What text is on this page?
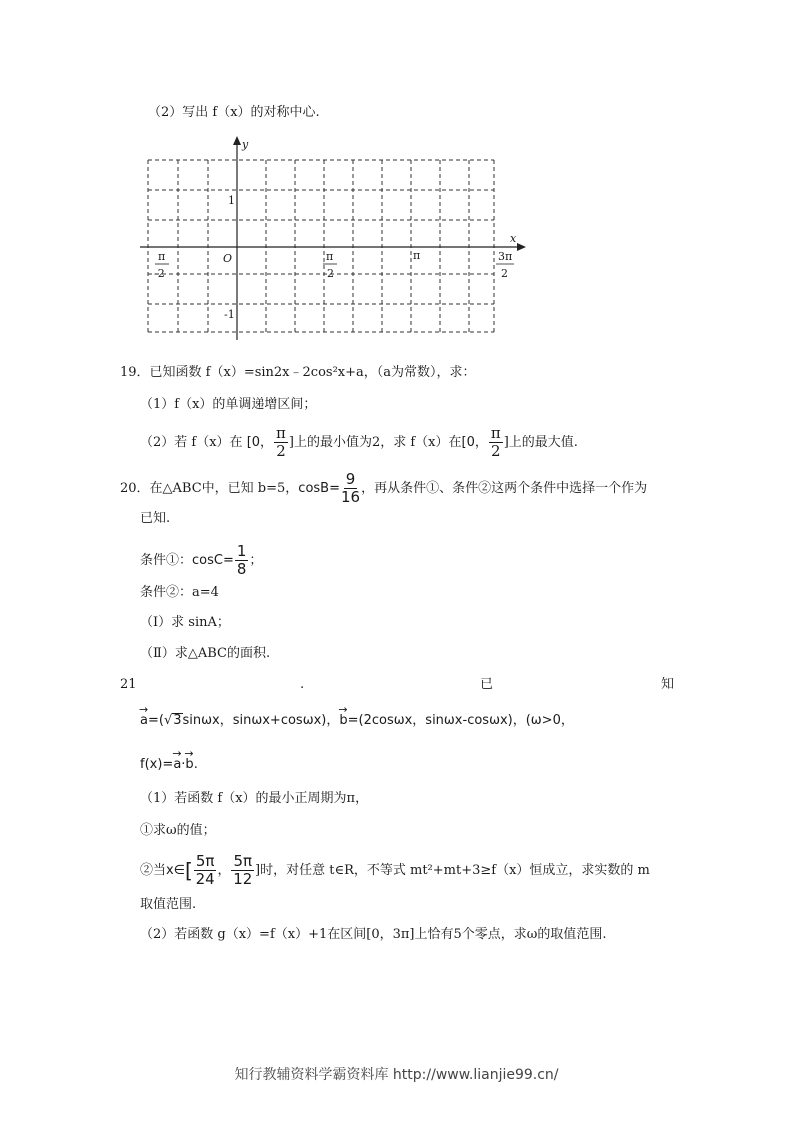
（2）写出 f（x）的对称中心.
y
x
O
1
-1
π
-2
π
2
π	3π
2
19．已知函数 f（x）=sin2x﹣2cos²x+a，（a为常数），求：
（1）f（x）的单调递增区间；
（2）若 f（x）在 [0， $\frac{\pi}{2}$ ]上的最小值为2，求 f（x）在[0， $\frac{\pi}{2}$ ]上的最大值.
20．在△ABC中，已知 b=5，$\cos B= \frac{9}{16}$ ，再从条件①、条件②这两个条件中选择一个作为
已知.
条件①：$\cos C= \frac{1}{8}$ ；
条件②：a=4
（Ⅰ）求 sinA；
（Ⅱ）求△ABC的面积.
21	.	已	知
→ a=(√3sinωx，sinωx+cosωx)，→ b=(2cosωx，sinωx-cosωx)，(ω>0，
f(x)=→ a·→ b.
（1）若函数 f（x）的最小正周期为π，
①求ω的值；
②当x∈[ $\frac{5\pi}{24}$ ， $\frac{5\pi}{12}$ ]时，对任意 t∈R，不等式 mt²+mt+3≥f（x）恒成立，求实数的 m
取值范围.
（2）若函数 g（x）=f（x）+1在区间[0，3π]上恰有5个零点，求ω的取值范围.
知行教辅资料学霸资料库 http://www.lianjie99.cn/
